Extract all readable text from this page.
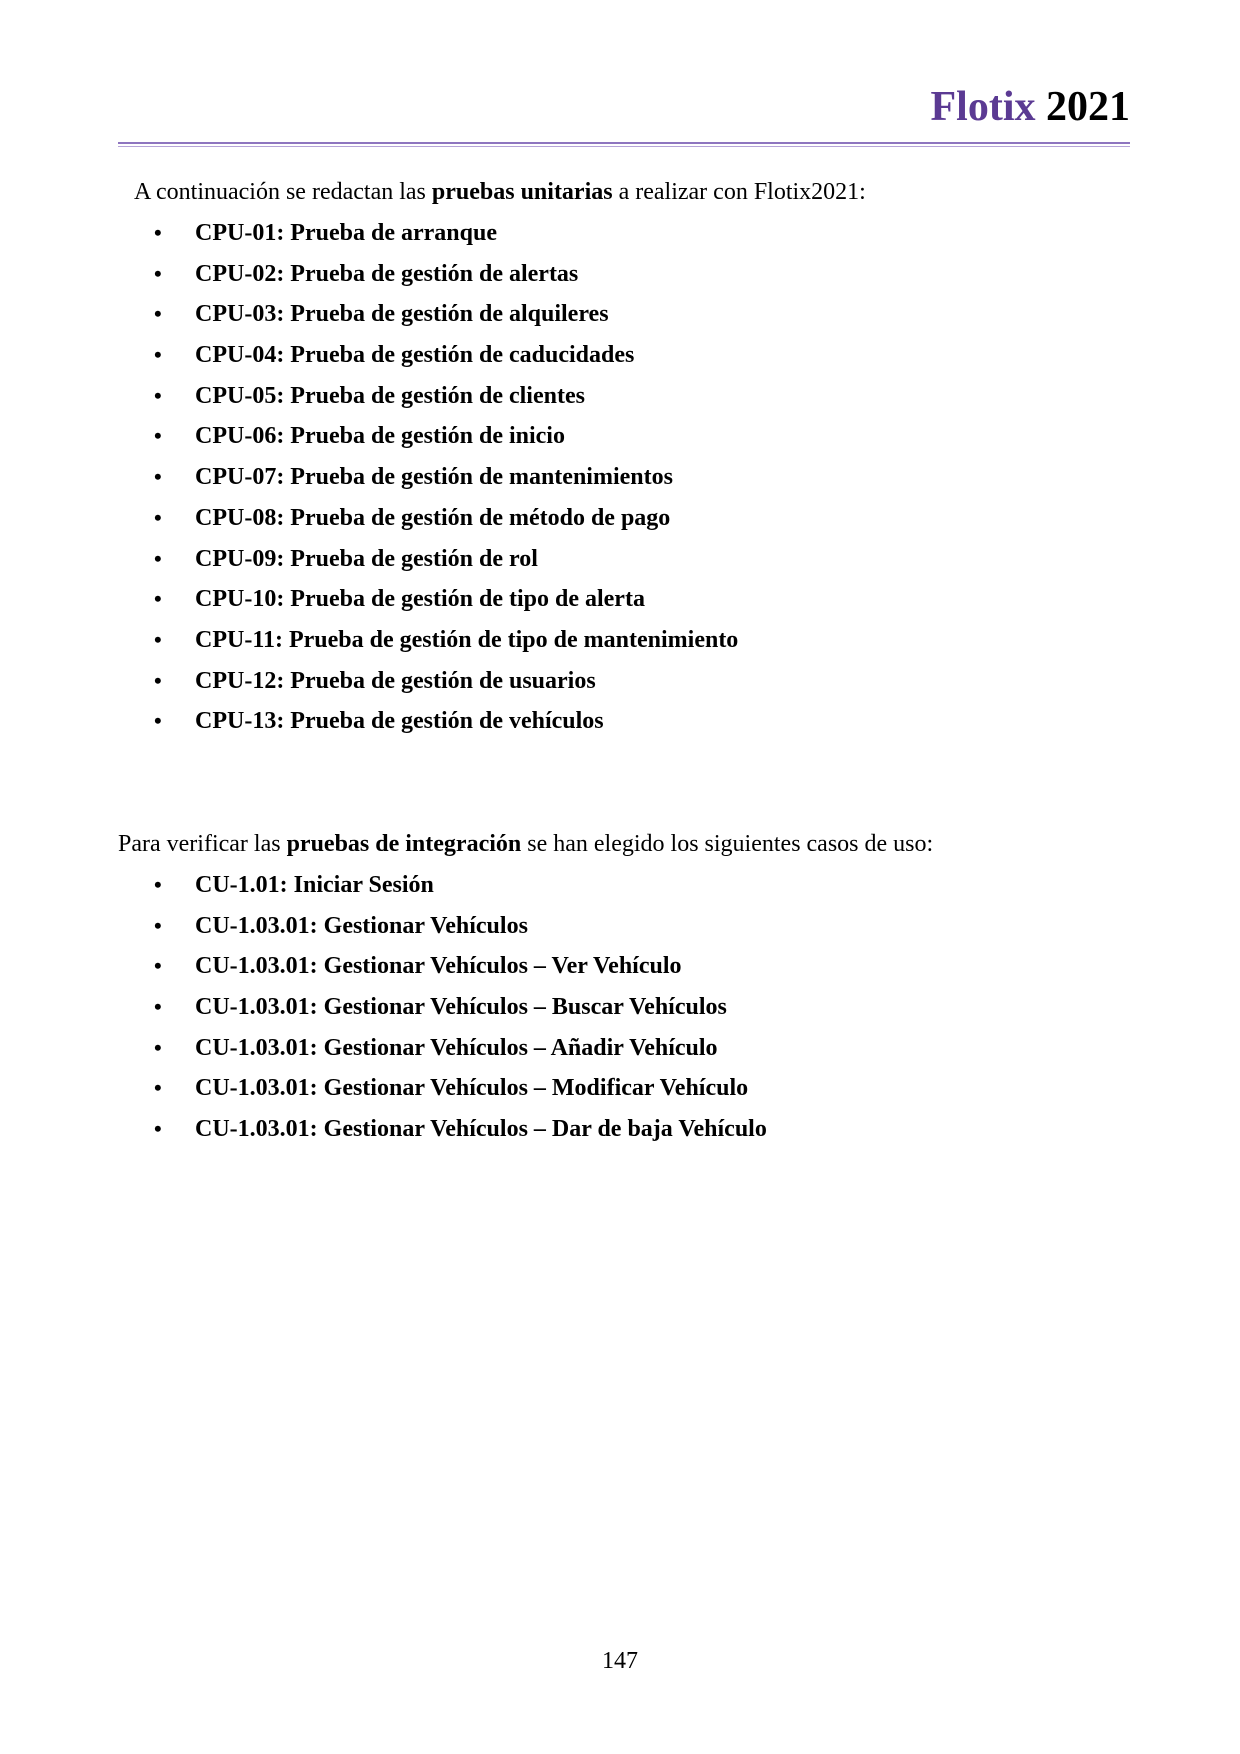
Flotix 2021
A continuación se redactan las pruebas unitarias a realizar con Flotix2021:
• CPU-01: Prueba de arranque
• CPU-02: Prueba de gestión de alertas
• CPU-03: Prueba de gestión de alquileres
• CPU-04: Prueba de gestión de caducidades
• CPU-05: Prueba de gestión de clientes
• CPU-06: Prueba de gestión de inicio
• CPU-07: Prueba de gestión de mantenimientos
• CPU-08: Prueba de gestión de método de pago
• CPU-09: Prueba de gestión de rol
• CPU-10: Prueba de gestión de tipo de alerta
• CPU-11: Prueba de gestión de tipo de mantenimiento
• CPU-12: Prueba de gestión de usuarios
• CPU-13: Prueba de gestión de vehículos
Para verificar las pruebas de integración se han elegido los siguientes casos de uso:
• CU-1.01: Iniciar Sesión
• CU-1.03.01: Gestionar Vehículos
• CU-1.03.01: Gestionar Vehículos – Ver Vehículo
• CU-1.03.01: Gestionar Vehículos – Buscar Vehículos
• CU-1.03.01: Gestionar Vehículos – Añadir Vehículo
• CU-1.03.01: Gestionar Vehículos – Modificar Vehículo
• CU-1.03.01: Gestionar Vehículos – Dar de baja Vehículo
147
